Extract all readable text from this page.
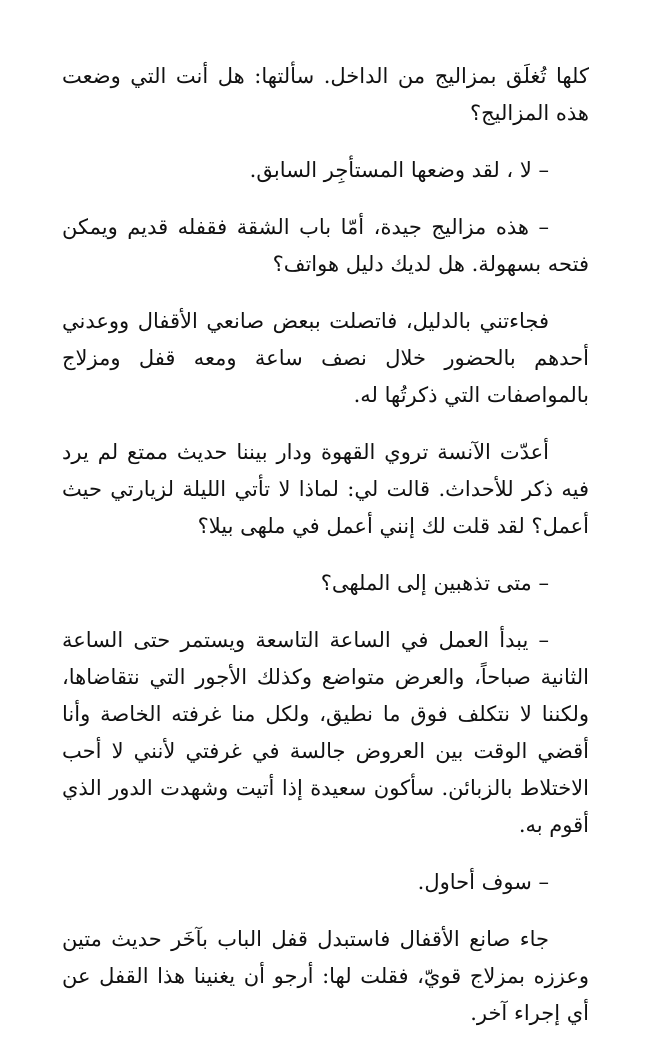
كلها تُغلَق بمزاليج من الداخل. سألتها: هل أنت التي وضعت هذه المزاليج؟

– لا ، لقد وضعها المستأجِر السابق.

– هذه مزاليج جيدة، أمّا باب الشقة فقفله قديم ويمكن فتحه بسهولة. هل لديك دليل هواتف؟

فجاءتني بالدليل، فاتصلت ببعض صانعي الأقفال ووعدني أحدهم بالحضور خلال نصف ساعة ومعه قفل ومزلاج بالمواصفات التي ذكرتُها له.

أعدّت الآنسة تروي القهوة ودار بيننا حديث ممتع لم يرد فيه ذكر للأحداث. قالت لي: لماذا لا تأتي الليلة لزيارتي حيث أعمل؟ لقد قلت لك إنني أعمل في ملهى بيلا؟

– متى تذهبين إلى الملهى؟

– يبدأ العمل في الساعة التاسعة ويستمر حتى الساعة الثانية صباحاً، والعرض متواضع وكذلك الأجور التي نتقاضاها، ولكننا لا نتكلف فوق ما نطيق، ولكل منا غرفته الخاصة وأنا أقضي الوقت بين العروض جالسة في غرفتي لأنني لا أحب الاختلاط بالزبائن. سأكون سعيدة إذا أتيت وشهدت الدور الذي أقوم به.

– سوف أحاول.

جاء صانع الأقفال فاستبدل قفل الباب بآخَر حديث متين وعززه بمزلاج قويّ، فقلت لها: أرجو أن يغنينا هذا القفل عن أي إجراء آخر.
